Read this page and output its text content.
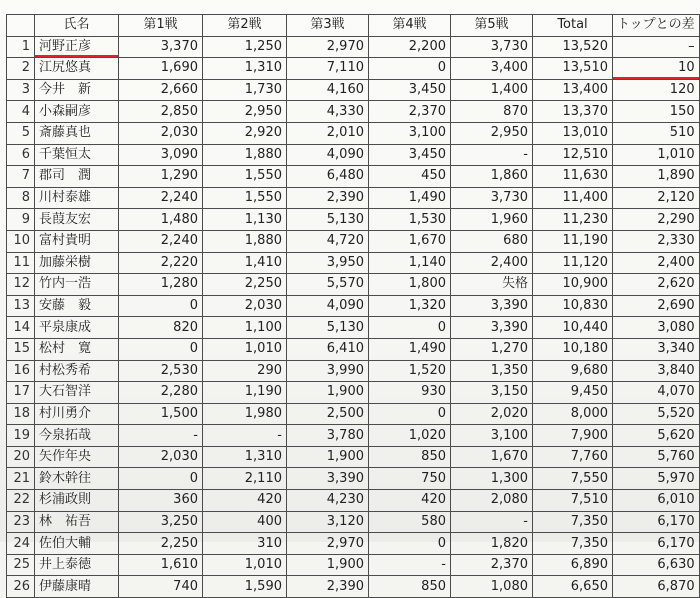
	氏名	第1戦	第2戦	第3戦	第4戦	第5戦	Total	トップとの差
1	河野正彦	3,370	1,250	2,970	2,200	3,730	13,520	–
2	江尻悠真	1,690	1,310	7,110	0	3,400	13,510	10
3	今井　新	2,660	1,730	4,160	3,450	1,400	13,400	120
4	小森嗣彦	2,850	2,950	4,330	2,370	870	13,370	150
5	斎藤真也	2,030	2,920	2,010	3,100	2,950	13,010	510
6	千葉恒太	3,090	1,880	4,090	3,450	-	12,510	1,010
7	郡司　潤	1,290	1,550	6,480	450	1,860	11,630	1,890
8	川村泰雄	2,240	1,550	2,390	1,490	3,730	11,400	2,120
9	長葭友宏	1,480	1,130	5,130	1,530	1,960	11,230	2,290
10	富村貴明	2,240	1,880	4,720	1,670	680	11,190	2,330
11	加藤栄樹	2,220	1,410	3,950	1,140	2,400	11,120	2,400
12	竹内一浩	1,280	2,250	5,570	1,800	失格	10,900	2,620
13	安藤　毅	0	2,030	4,090	1,320	3,390	10,830	2,690
14	平泉康成	820	1,100	5,130	0	3,390	10,440	3,080
15	松村　寛	0	1,010	6,410	1,490	1,270	10,180	3,340
16	村松秀希	2,530	290	3,990	1,520	1,350	9,680	3,840
17	大石智洋	2,280	1,190	1,900	930	3,150	9,450	4,070
18	村川勇介	1,500	1,980	2,500	0	2,020	8,000	5,520
19	今泉拓哉	-	-	3,780	1,020	3,100	7,900	5,620
20	矢作年央	2,030	1,310	1,900	850	1,670	7,760	5,760
21	鈴木幹往	0	2,110	3,390	750	1,300	7,550	5,970
22	杉浦政則	360	420	4,230	420	2,080	7,510	6,010
23	林　祐吾	3,250	400	3,120	580	-	7,350	6,170
24	佐伯大輔	2,250	310	2,970	0	1,820	7,350	6,170
25	井上泰徳	1,610	1,010	1,900	-	2,370	6,890	6,630
26	伊藤康晴	740	1,590	2,390	850	1,080	6,650	6,870
